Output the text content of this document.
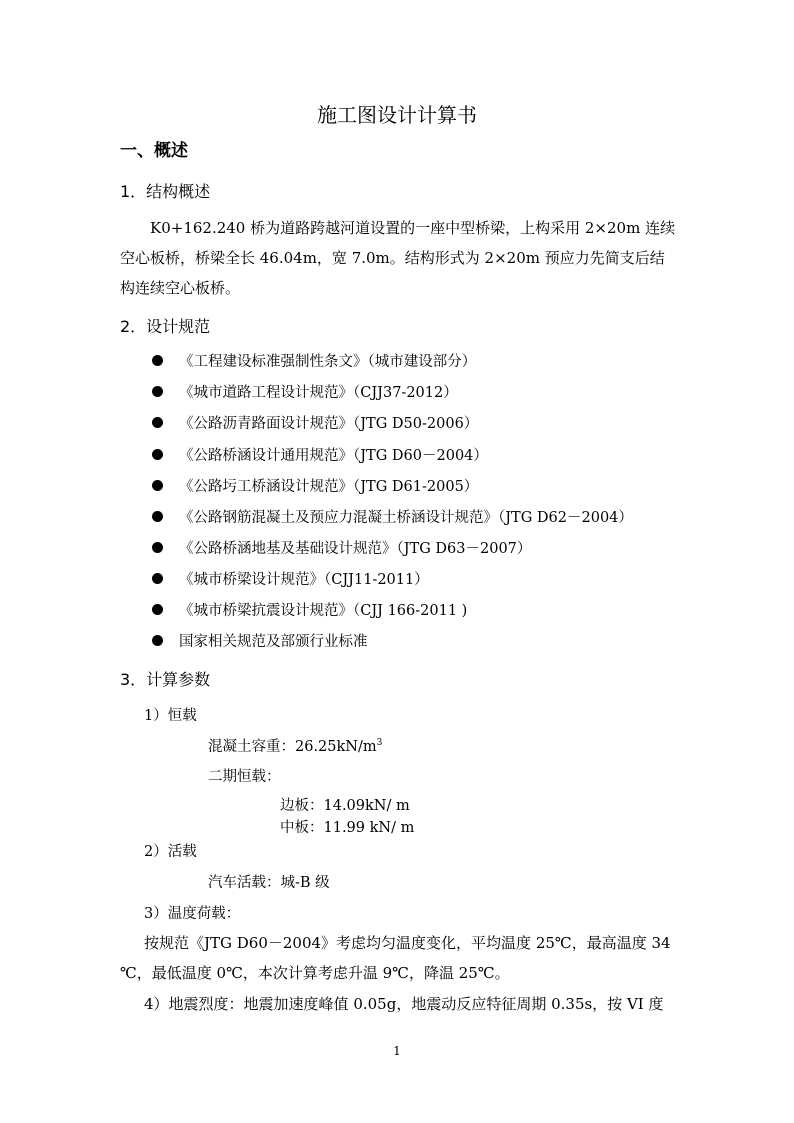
施工图设计计算书
一、概述
1．结构概述
K0+162.240 桥为道路跨越河道设置的一座中型桥梁，上构采用 2×20m 连续
空心板桥，桥梁全长 46.04m，宽 7.0m。结构形式为 2×20m 预应力先简支后结
构连续空心板桥。
2．设计规范
《工程建设标准强制性条文》（城市建设部分）
《城市道路工程设计规范》（CJJ37-2012）
《公路沥青路面设计规范》（JTG D50-2006）
《公路桥涵设计通用规范》（JTG D60－2004）
《公路圬工桥涵设计规范》（JTG D61-2005）
《公路钢筋混凝土及预应力混凝土桥涵设计规范》（JTG D62－2004）
《公路桥涵地基及基础设计规范》（JTG D63－2007）
《城市桥梁设计规范》（CJJ11-2011）
《城市桥梁抗震设计规范》（CJJ 166-2011 )
国家相关规范及部颁行业标准
3．计算参数
1）恒载
混凝土容重：$26.25kN/m^3$
二期恒载：
边板：14.09kN/ m
中板：11.99 kN/ m
2）活载
汽车活载：城-B 级
3）温度荷载：
按规范《JTG D60－2004》考虑均匀温度变化，平均温度 25℃，最高温度 34
℃，最低温度 0℃，本次计算考虑升温 9℃，降温 25℃。
4）地震烈度：地震加速度峰值 0.05g，地震动反应特征周期 0.35s，按 VI 度
1
